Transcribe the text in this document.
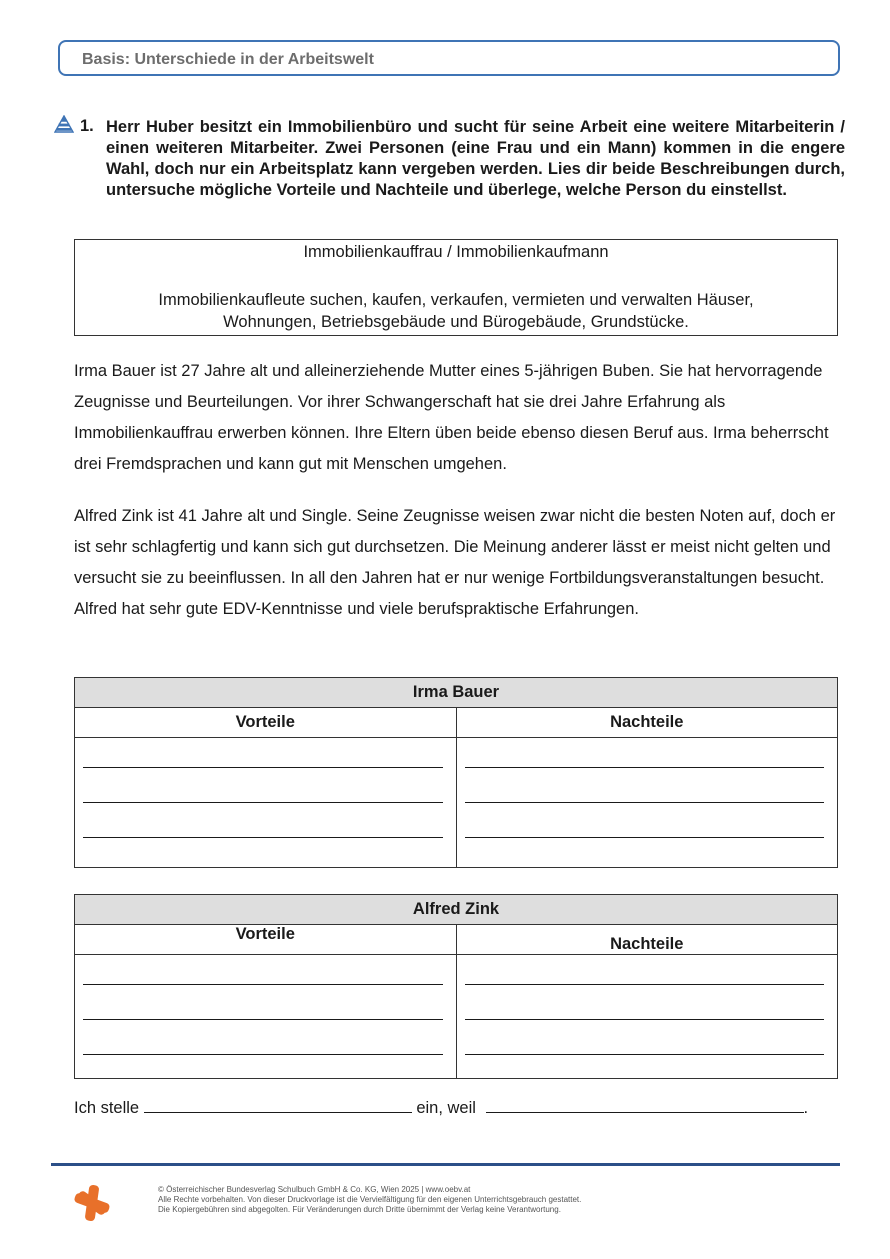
Basis: Unterschiede in der Arbeitswelt
1. Herr Huber besitzt ein Immobilienbüro und sucht für seine Arbeit eine weitere Mitarbeiterin / einen weiteren Mitarbeiter. Zwei Personen (eine Frau und ein Mann) kommen in die engere Wahl, doch nur ein Arbeitsplatz kann vergeben werden. Lies dir beide Beschreibungen durch, untersuche mögliche Vorteile und Nachteile und überlege, welche Person du einstellst.
Immobilienkauffrau / Immobilienkaufmann
Immobilienkaufleute suchen, kaufen, verkaufen, vermieten und verwalten Häuser, Wohnungen, Betriebsgebäude und Bürogebäude, Grundstücke.
Irma Bauer ist 27 Jahre alt und alleinerziehende Mutter eines 5-jährigen Buben. Sie hat hervorragende Zeugnisse und Beurteilungen. Vor ihrer Schwangerschaft hat sie drei Jahre Erfahrung als Immobilienkauffrau erwerben können. Ihre Eltern üben beide ebenso diesen Beruf aus. Irma beherrscht drei Fremdsprachen und kann gut mit Menschen umgehen.
Alfred Zink ist 41 Jahre alt und Single. Seine Zeugnisse weisen zwar nicht die besten Noten auf, doch er ist sehr schlagfertig und kann sich gut durchsetzen. Die Meinung anderer lässt er meist nicht gelten und versucht sie zu beeinflussen. In all den Jahren hat er nur wenige Fortbildungsveranstaltungen besucht. Alfred hat sehr gute EDV-Kenntnisse und viele berufspraktische Erfahrungen.
Irma Bauer	
Vorteile	Nachteile

Alfred Zink	
Vorteile	Nachteile

Ich stelle	ein, weil	.
© Österreichischer Bundesverlag Schulbuch GmbH & Co. KG, Wien 2025 | www.oebv.at
Alle Rechte vorbehalten. Von dieser Druckvorlage ist die Vervielfältigung für den eigenen Unterrichtsgebrauch gestattet.
Die Kopiergebühren sind abgegolten. Für Veränderungen durch Dritte übernimmt der Verlag keine Verantwortung.
